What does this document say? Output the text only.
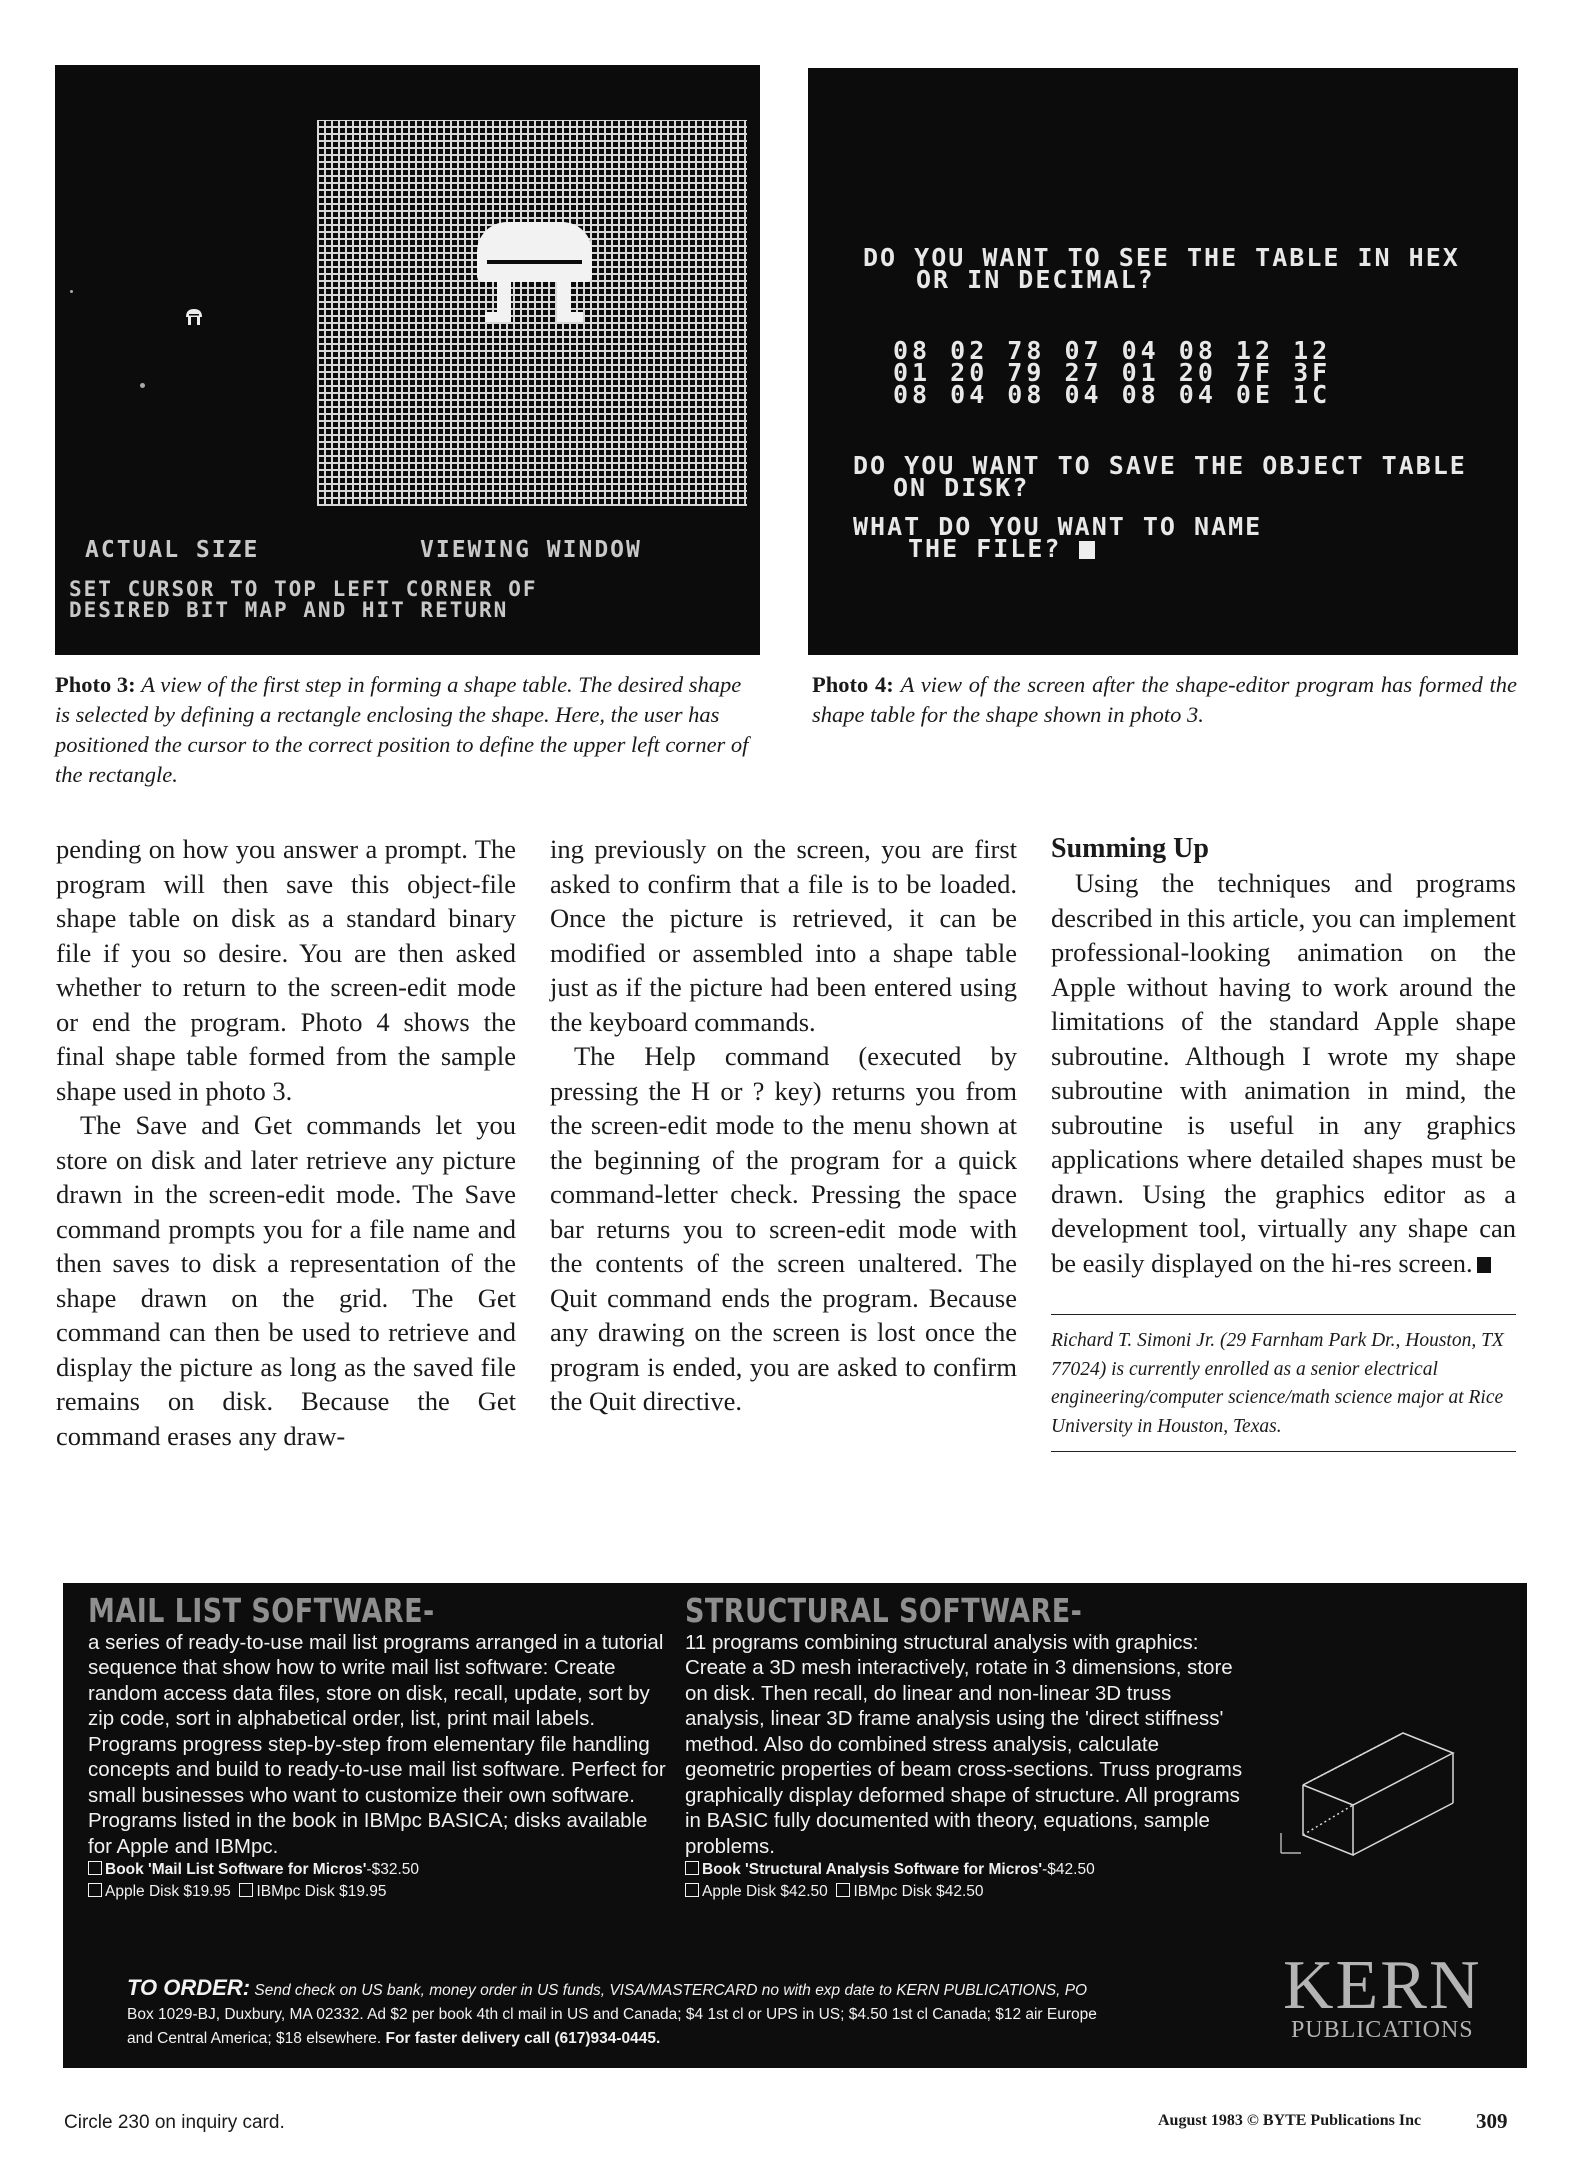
ACTUAL SIZE	VIEWING WINDOW
SET CURSOR TO TOP LEFT CORNER OF
DESIRED BIT MAP AND HIT RETURN
DO YOU WANT TO SEE THE TABLE IN HEX
OR IN DECIMAL?
08 02 78 07 04 08 12 12
01 20 79 27 01 20 7F 3F
08 04 08 04 08 04 0E 1C
DO YOU WANT TO SAVE THE OBJECT TABLE
ON DISK?
WHAT DO YOU WANT TO NAME
THE FILE?
Photo 3: A view of the first step in forming a shape table. The desired shape is selected by defining a rectangle enclosing the shape. Here, the user has positioned the cursor to the correct position to define the upper left corner of the rectangle.
Photo 4: A view of the screen after the shape-editor program has formed the shape table for the shape shown in photo 3.

pending on how you answer a prompt. The program will then save this object-file shape table on disk as a standard binary file if you so desire. You are then asked whether to return to the screen-edit mode or end the program. Photo 4 shows the final shape table formed from the sample shape used in photo 3.

The Save and Get commands let you store on disk and later retrieve any picture drawn in the screen-edit mode. The Save command prompts you for a file name and then saves to disk a representation of the shape drawn on the grid. The Get command can then be used to retrieve and display the picture as long as the saved file remains on disk. Because the Get command erases any draw-

ing previously on the screen, you are first asked to confirm that a file is to be loaded. Once the picture is retrieved, it can be modified or assembled into a shape table just as if the picture had been entered using the keyboard commands.

The Help command (executed by pressing the H or ? key) returns you from the screen-edit mode to the menu shown at the beginning of the program for a quick command-letter check. Pressing the space bar returns you to screen-edit mode with the contents of the screen unaltered. The Quit command ends the program. Because any drawing on the screen is lost once the program is ended, you are asked to confirm the Quit directive.

Summing Up

Using the techniques and programs described in this article, you can implement professional-looking animation on the Apple without having to work around the limitations of the standard Apple shape subroutine. Although I wrote my shape subroutine with animation in mind, the subroutine is useful in any graphics applications where detailed shapes must be drawn. Using the graphics editor as a development tool, virtually any shape can be easily displayed on the hi-res screen.

Richard T. Simoni Jr. (29 Farnham Park Dr., Houston, TX 77024) is currently enrolled as a senior electrical engineering/computer science/math science major at Rice University in Houston, Texas.
MAIL LIST SOFTWARE-
a series of ready-to-use mail list programs arranged in a tutorial sequence that show how to write mail list software: Create random access data files, store on disk, recall, update, sort by zip code, sort in alphabetical order, list, print mail labels. Programs progress step-by-step from elementary file handling concepts and build to ready-to-use mail list software. Perfect for small businesses who want to customize their own software. Programs listed in the book in IBMpc BASICA; disks available for Apple and IBMpc.
Book 'Mail List Software for Micros'-$32.50
Apple Disk $19.95 IBMpc Disk $19.95
STRUCTURAL SOFTWARE-
11 programs combining structural analysis with graphics: Create a 3D mesh interactively, rotate in 3 dimensions, store on disk. Then recall, do linear and non-linear 3D truss analysis, linear 3D frame analysis using the 'direct stiffness' method. Also do combined stress analysis, calculate geometric properties of beam cross-sections. Truss programs graphically display deformed shape of structure. All programs in BASIC fully documented with theory, equations, sample problems.
Book 'Structural Analysis Software for Micros'-$42.50
Apple Disk $42.50 IBMpc Disk $42.50
TO ORDER: Send check on US bank, money order in US funds, VISA/MASTERCARD no with exp date to KERN PUBLICATIONS, PO
Box 1029-BJ, Duxbury, MA 02332. Ad $2 per book 4th cl mail in US and Canada; $4 1st cl or UPS in US; $4.50 1st cl Canada; $12 air Europe
and Central America; $18 elsewhere. For faster delivery call (617)934-0445.
KERN
PUBLICATIONS
Circle 230 on inquiry card.	August 1983 © BYTE Publications Inc	309
